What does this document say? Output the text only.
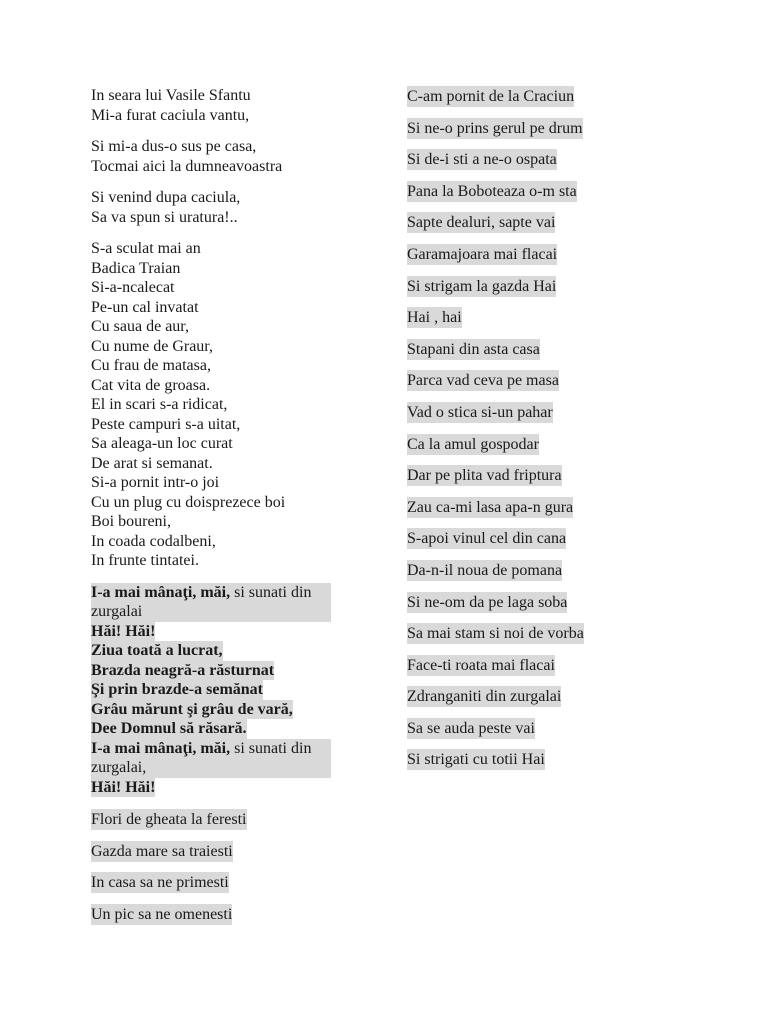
In seara lui Vasile Sfantu
Mi-a furat caciula vantu,
Si mi-a dus-o sus pe casa,
Tocmai aici la dumneavoastra
Si venind dupa caciula,
Sa va spun si uratura!..
S-a sculat mai an
Badica Traian
Si-a-ncalecat
Pe-un cal invatat
Cu saua de aur,
Cu nume de Graur,
Cu frau de matasa,
Cat vita de groasa.
El in scari s-a ridicat,
Peste campuri s-a uitat,
Sa aleaga-un loc curat
De arat si semanat.
Si-a pornit intr-o joi
Cu un plug cu doisprezece boi
Boi boureni,
In coada codalbeni,
In frunte tintatei.
I-a mai mânaţi, măi, si sunati din zurgalai
Hăi! Hăi!
Ziua toată a lucrat,
Brazda neagră-a răsturnat
Şi prin brazde-a semănat
Grâu mărunt şi grâu de vară,
Dee Domnul să răsară.
I-a mai mânaţi, măi, si sunati din zurgalai,
Hăi! Hăi!
Flori de gheata la feresti
Gazda mare sa traiesti
In casa sa ne primesti
Un pic sa ne omenesti
C-am pornit de la Craciun
Si ne-o prins gerul pe drum
Si de-i sti a ne-o ospata
Pana la Boboteaza o-m sta
Sapte dealuri, sapte vai
Garamajoara mai flacai
Si strigam la gazda Hai
Hai , hai
Stapani din asta casa
Parca vad ceva pe masa
Vad o stica si-un pahar
Ca la amul gospodar
Dar pe plita vad friptura
Zau ca-mi lasa apa-n gura
S-apoi vinul cel din cana
Da-n-il noua de pomana
Si ne-om da pe laga soba
Sa mai stam si noi de vorba
Face-ti roata mai flacai
Zdranganiti din zurgalai
Sa se auda peste vai
Si strigati cu totii Hai
